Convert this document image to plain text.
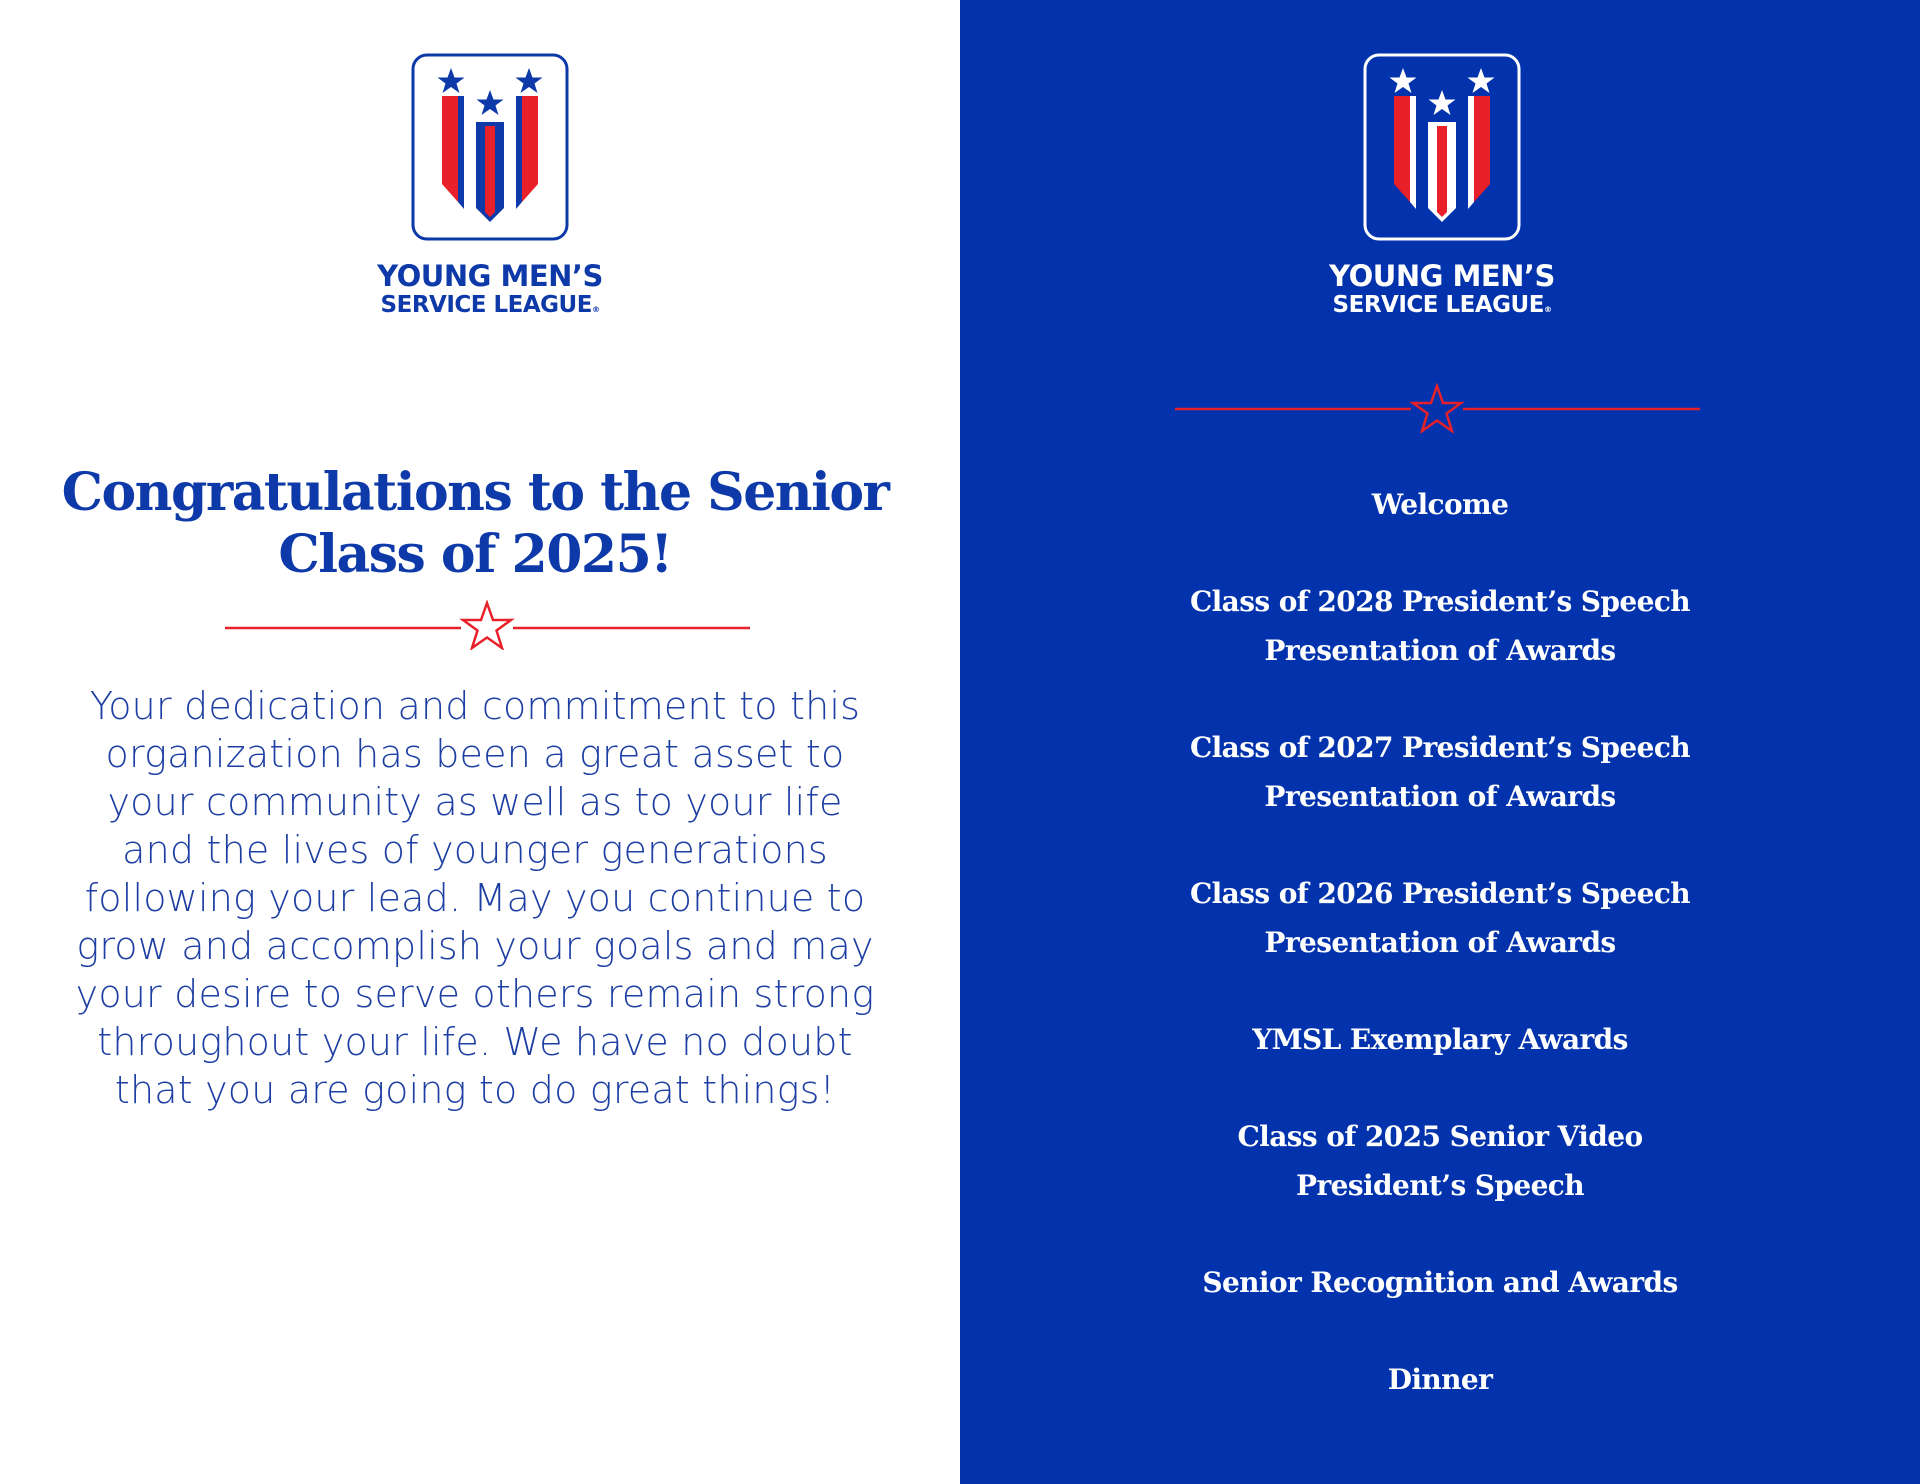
YOUNG MEN’S
SERVICE LEAGUE®
Congratulations to the Senior Class of 2025!

Your dedication and commitment to this organization has been a great asset to your community as well as to your life and the lives of younger generations following your lead. May you continue to grow and accomplish your goals and may your desire to serve others remain strong throughout your life. We have no doubt that you are going to do great things!

YOUNG MEN’S
SERVICE LEAGUE®
Welcome
Class of 2028 President’s Speech
Presentation of Awards
Class of 2027 President’s Speech
Presentation of Awards
Class of 2026 President’s Speech
Presentation of Awards
YMSL Exemplary Awards
Class of 2025 Senior Video
President’s Speech
Senior Recognition and Awards
Dinner
